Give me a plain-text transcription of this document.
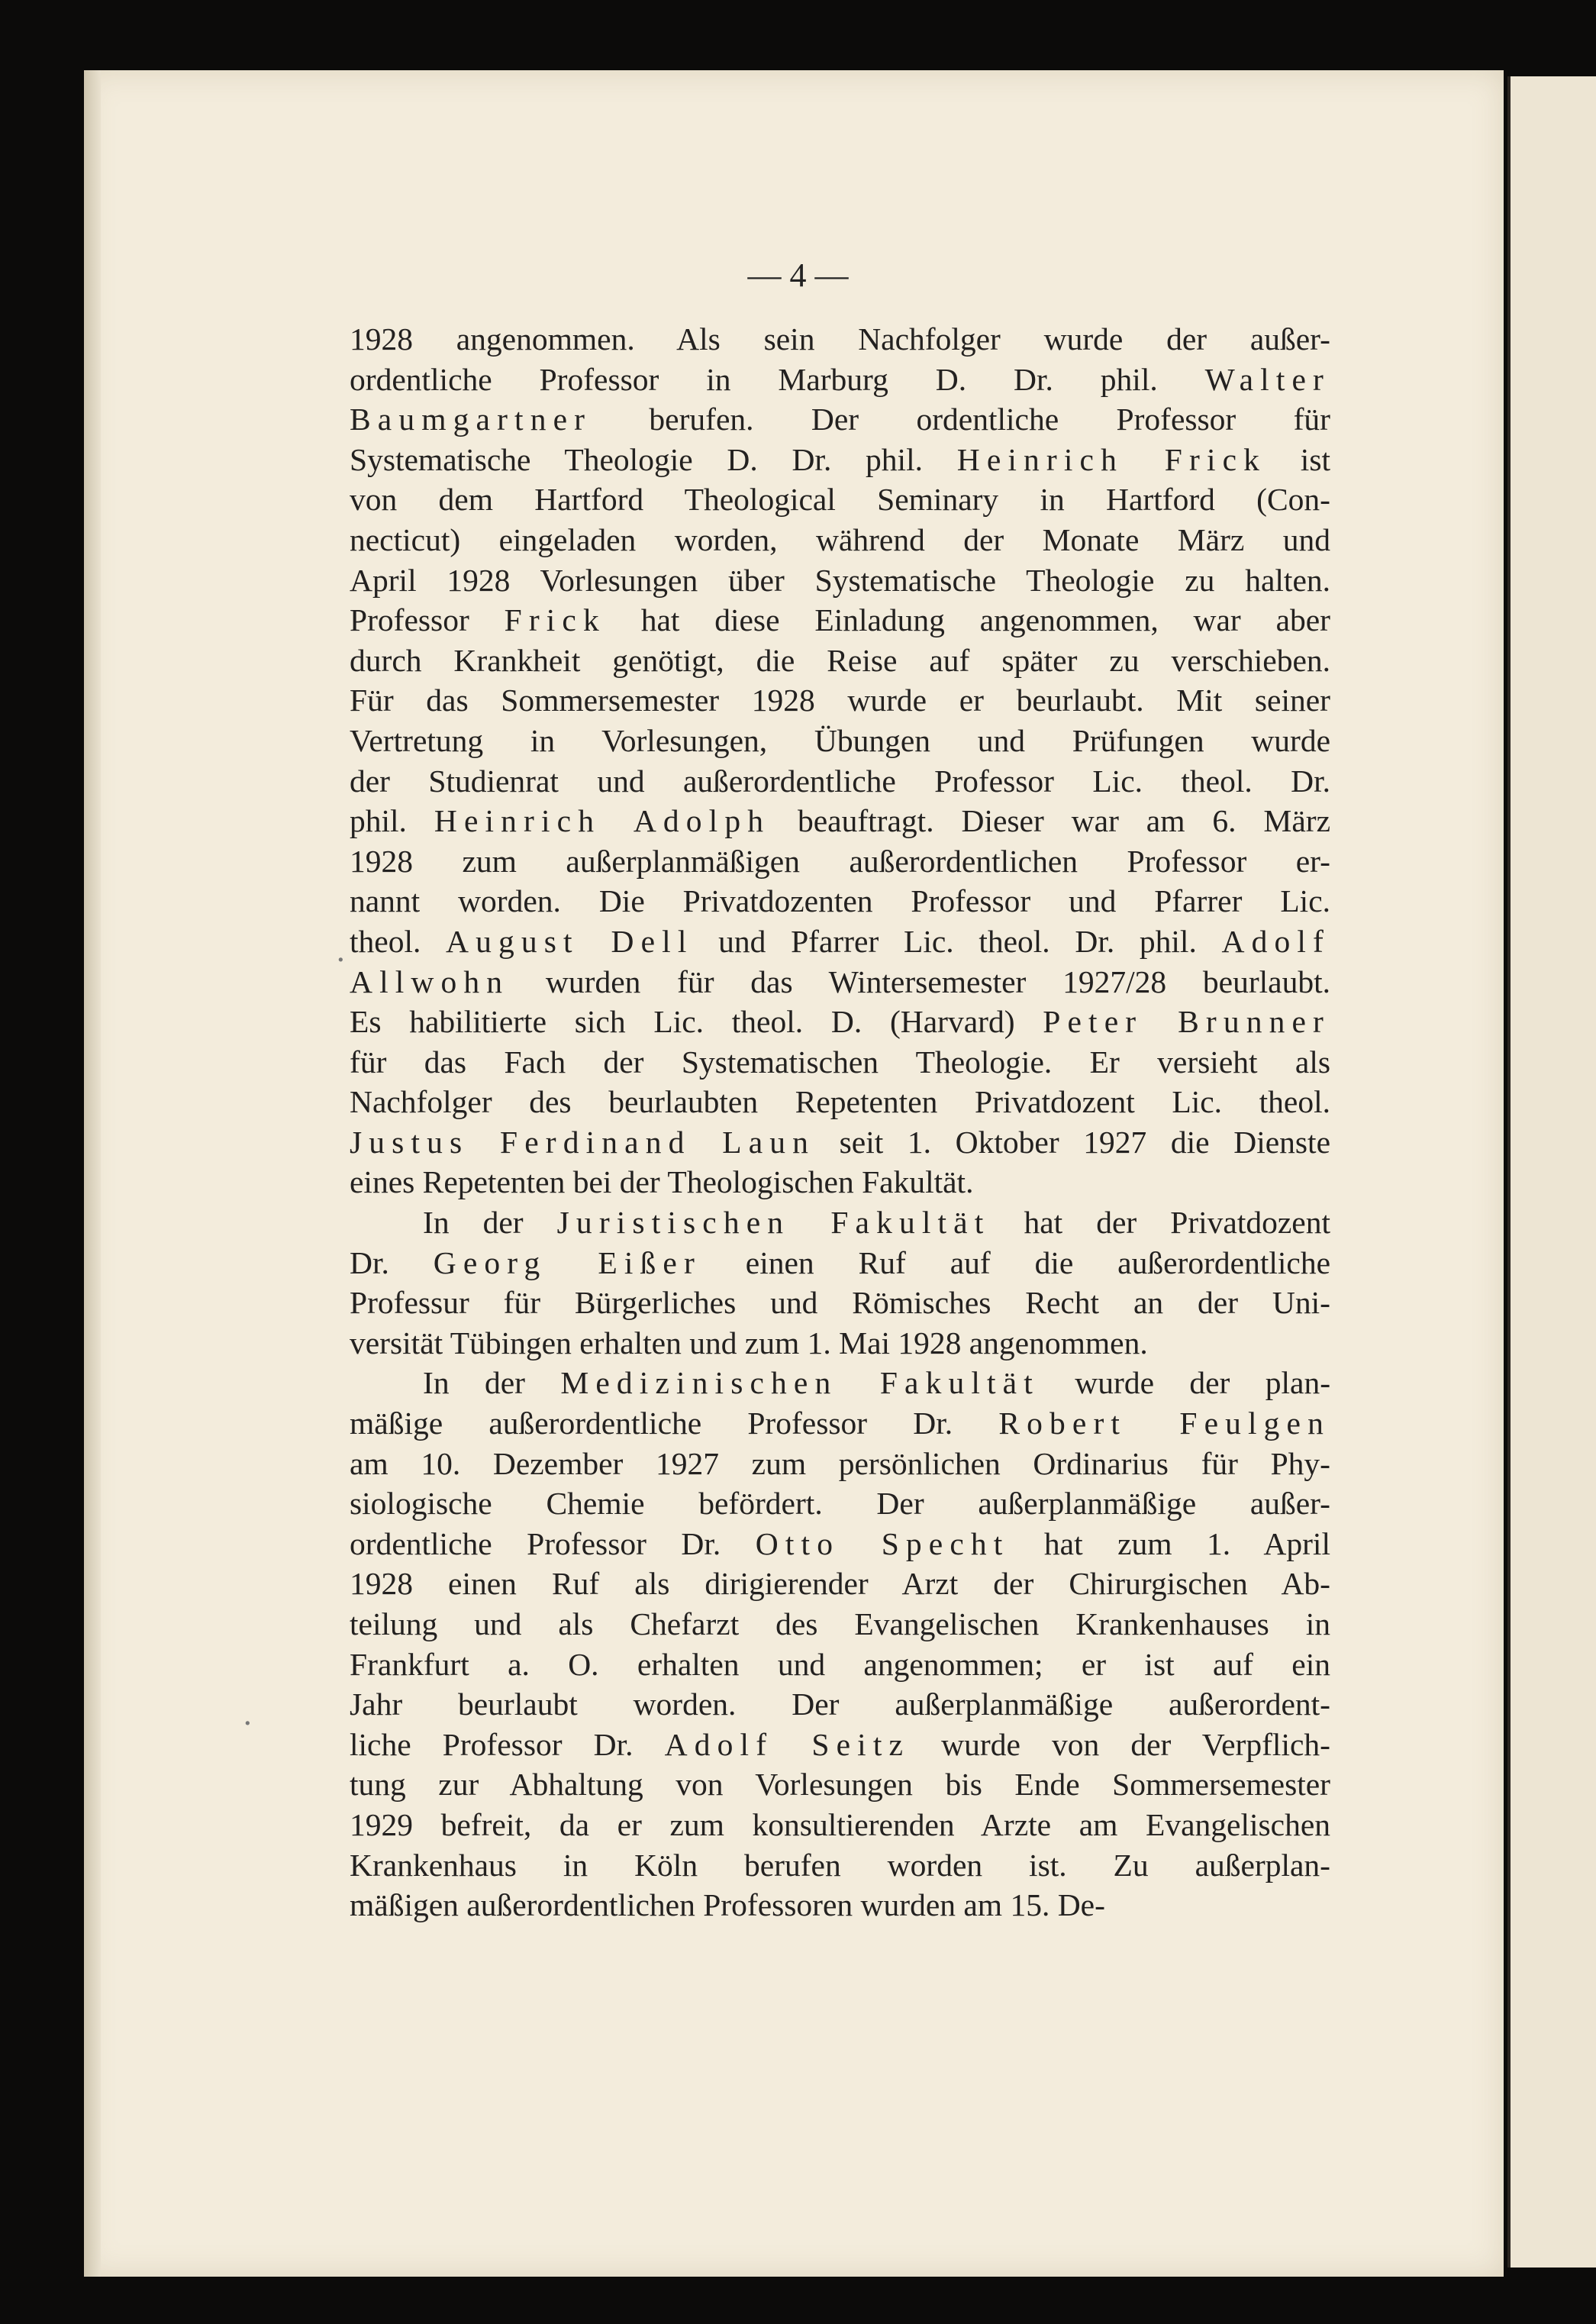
— 4 —
1928 angenommen. Als sein Nachfolger wurde der außer-
ordentliche Professor in Marburg D. Dr. phil. Walter
Baumgartner berufen. Der ordentliche Professor für
Systematische Theologie D. Dr. phil. Heinrich Frick ist
von dem Hartford Theological Seminary in Hartford (Con-
necticut) eingeladen worden, während der Monate März und
April 1928 Vorlesungen über Systematische Theologie zu halten.
Professor Frick hat diese Einladung angenommen, war aber
durch Krankheit genötigt, die Reise auf später zu verschieben.
Für das Sommersemester 1928 wurde er beurlaubt. Mit seiner
Vertretung in Vorlesungen, Übungen und Prüfungen wurde
der Studienrat und außerordentliche Professor Lic. theol. Dr.
phil. Heinrich Adolph beauftragt. Dieser war am 6. März
1928 zum außerplanmäßigen außerordentlichen Professor er-
nannt worden. Die Privatdozenten Professor und Pfarrer Lic.
theol. August Dell und Pfarrer Lic. theol. Dr. phil. Adolf
Allwohn wurden für das Wintersemester 1927/28 beurlaubt.
Es habilitierte sich Lic. theol. D. (Harvard) Peter Brunner
für das Fach der Systematischen Theologie. Er versieht als
Nachfolger des beurlaubten Repetenten Privatdozent Lic. theol.
Justus Ferdinand Laun seit 1. Oktober 1927 die Dienste
eines Repetenten bei der Theologischen Fakultät.
In der Juristischen Fakultät hat der Privatdozent
Dr. Georg Eißer einen Ruf auf die außerordentliche
Professur für Bürgerliches und Römisches Recht an der Uni-
versität Tübingen erhalten und zum 1. Mai 1928 angenommen.
In der Medizinischen Fakultät wurde der plan-
mäßige außerordentliche Professor Dr. Robert Feulgen
am 10. Dezember 1927 zum persönlichen Ordinarius für Phy-
siologische Chemie befördert. Der außerplanmäßige außer-
ordentliche Professor Dr. Otto Specht hat zum 1. April
1928 einen Ruf als dirigierender Arzt der Chirurgischen Ab-
teilung und als Chefarzt des Evangelischen Krankenhauses in
Frankfurt a. O. erhalten und angenommen; er ist auf ein
Jahr beurlaubt worden. Der außerplanmäßige außerordent-
liche Professor Dr. Adolf Seitz wurde von der Verpflich-
tung zur Abhaltung von Vorlesungen bis Ende Sommersemester
1929 befreit, da er zum konsultierenden Arzte am Evangelischen
Krankenhaus in Köln berufen worden ist. Zu außerplan-
mäßigen außerordentlichen Professoren wurden am 15. De-
·
·
